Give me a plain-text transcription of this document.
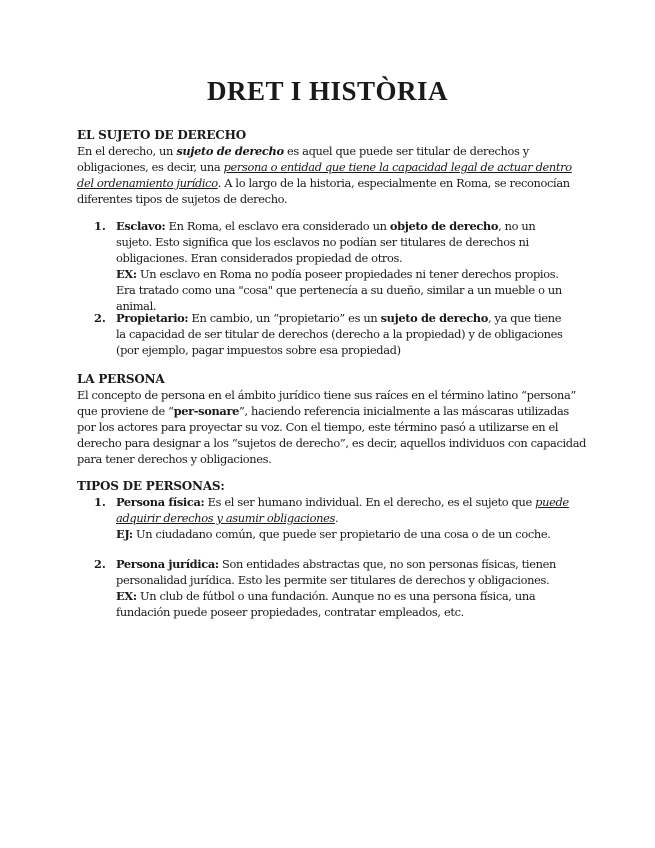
DRET I HISTÒRIA
EL SUJETO DE DERECHO

En el derecho, un sujeto de derecho es aquel que puede ser titular de derechos y obligaciones, es decir, una persona o entidad que tiene la capacidad legal de actuar dentro del ordenamiento jurídico. A lo largo de la historia, especialmente en Roma, se reconocían diferentes tipos de sujetos de derecho.

1. Esclavo: En Roma, el esclavo era considerado un objeto de derecho, no un sujeto. Esto significa que los esclavos no podían ser titulares de derechos ni obligaciones. Eran considerados propiedad de otros.

EX: Un esclavo en Roma no podía poseer propiedades ni tener derechos propios. Era tratado como una "cosa" que pertenecía a su dueño, similar a un mueble o un animal.

2. Propietario: En cambio, un “propietario” es un sujeto de derecho, ya que tiene la capacidad de ser titular de derechos (derecho a la propiedad) y de obligaciones (por ejemplo, pagar impuestos sobre esa propiedad)

LA PERSONA

El concepto de persona en el ámbito jurídico tiene sus raíces en el término latino “persona” que proviene de “per-sonare”, haciendo referencia inicialmente a las máscaras utilizadas por los actores para proyectar su voz. Con el tiempo, este término pasó a utilizarse en el derecho para designar a los “sujetos de derecho”, es decir, aquellos individuos con capacidad para tener derechos y obligaciones.

TIPOS DE PERSONAS:
1. Persona física: Es el ser humano individual. En el derecho, es el sujeto que puede adquirir derechos y asumir obligaciones.

EJ: Un ciudadano común, que puede ser propietario de una cosa o de un coche.

2. Persona jurídica: Son entidades abstractas que, no son personas físicas, tienen personalidad jurídica. Esto les permite ser titulares de derechos y obligaciones.

EX: Un club de fútbol o una fundación. Aunque no es una persona física, una fundación puede poseer propiedades, contratar empleados, etc.
